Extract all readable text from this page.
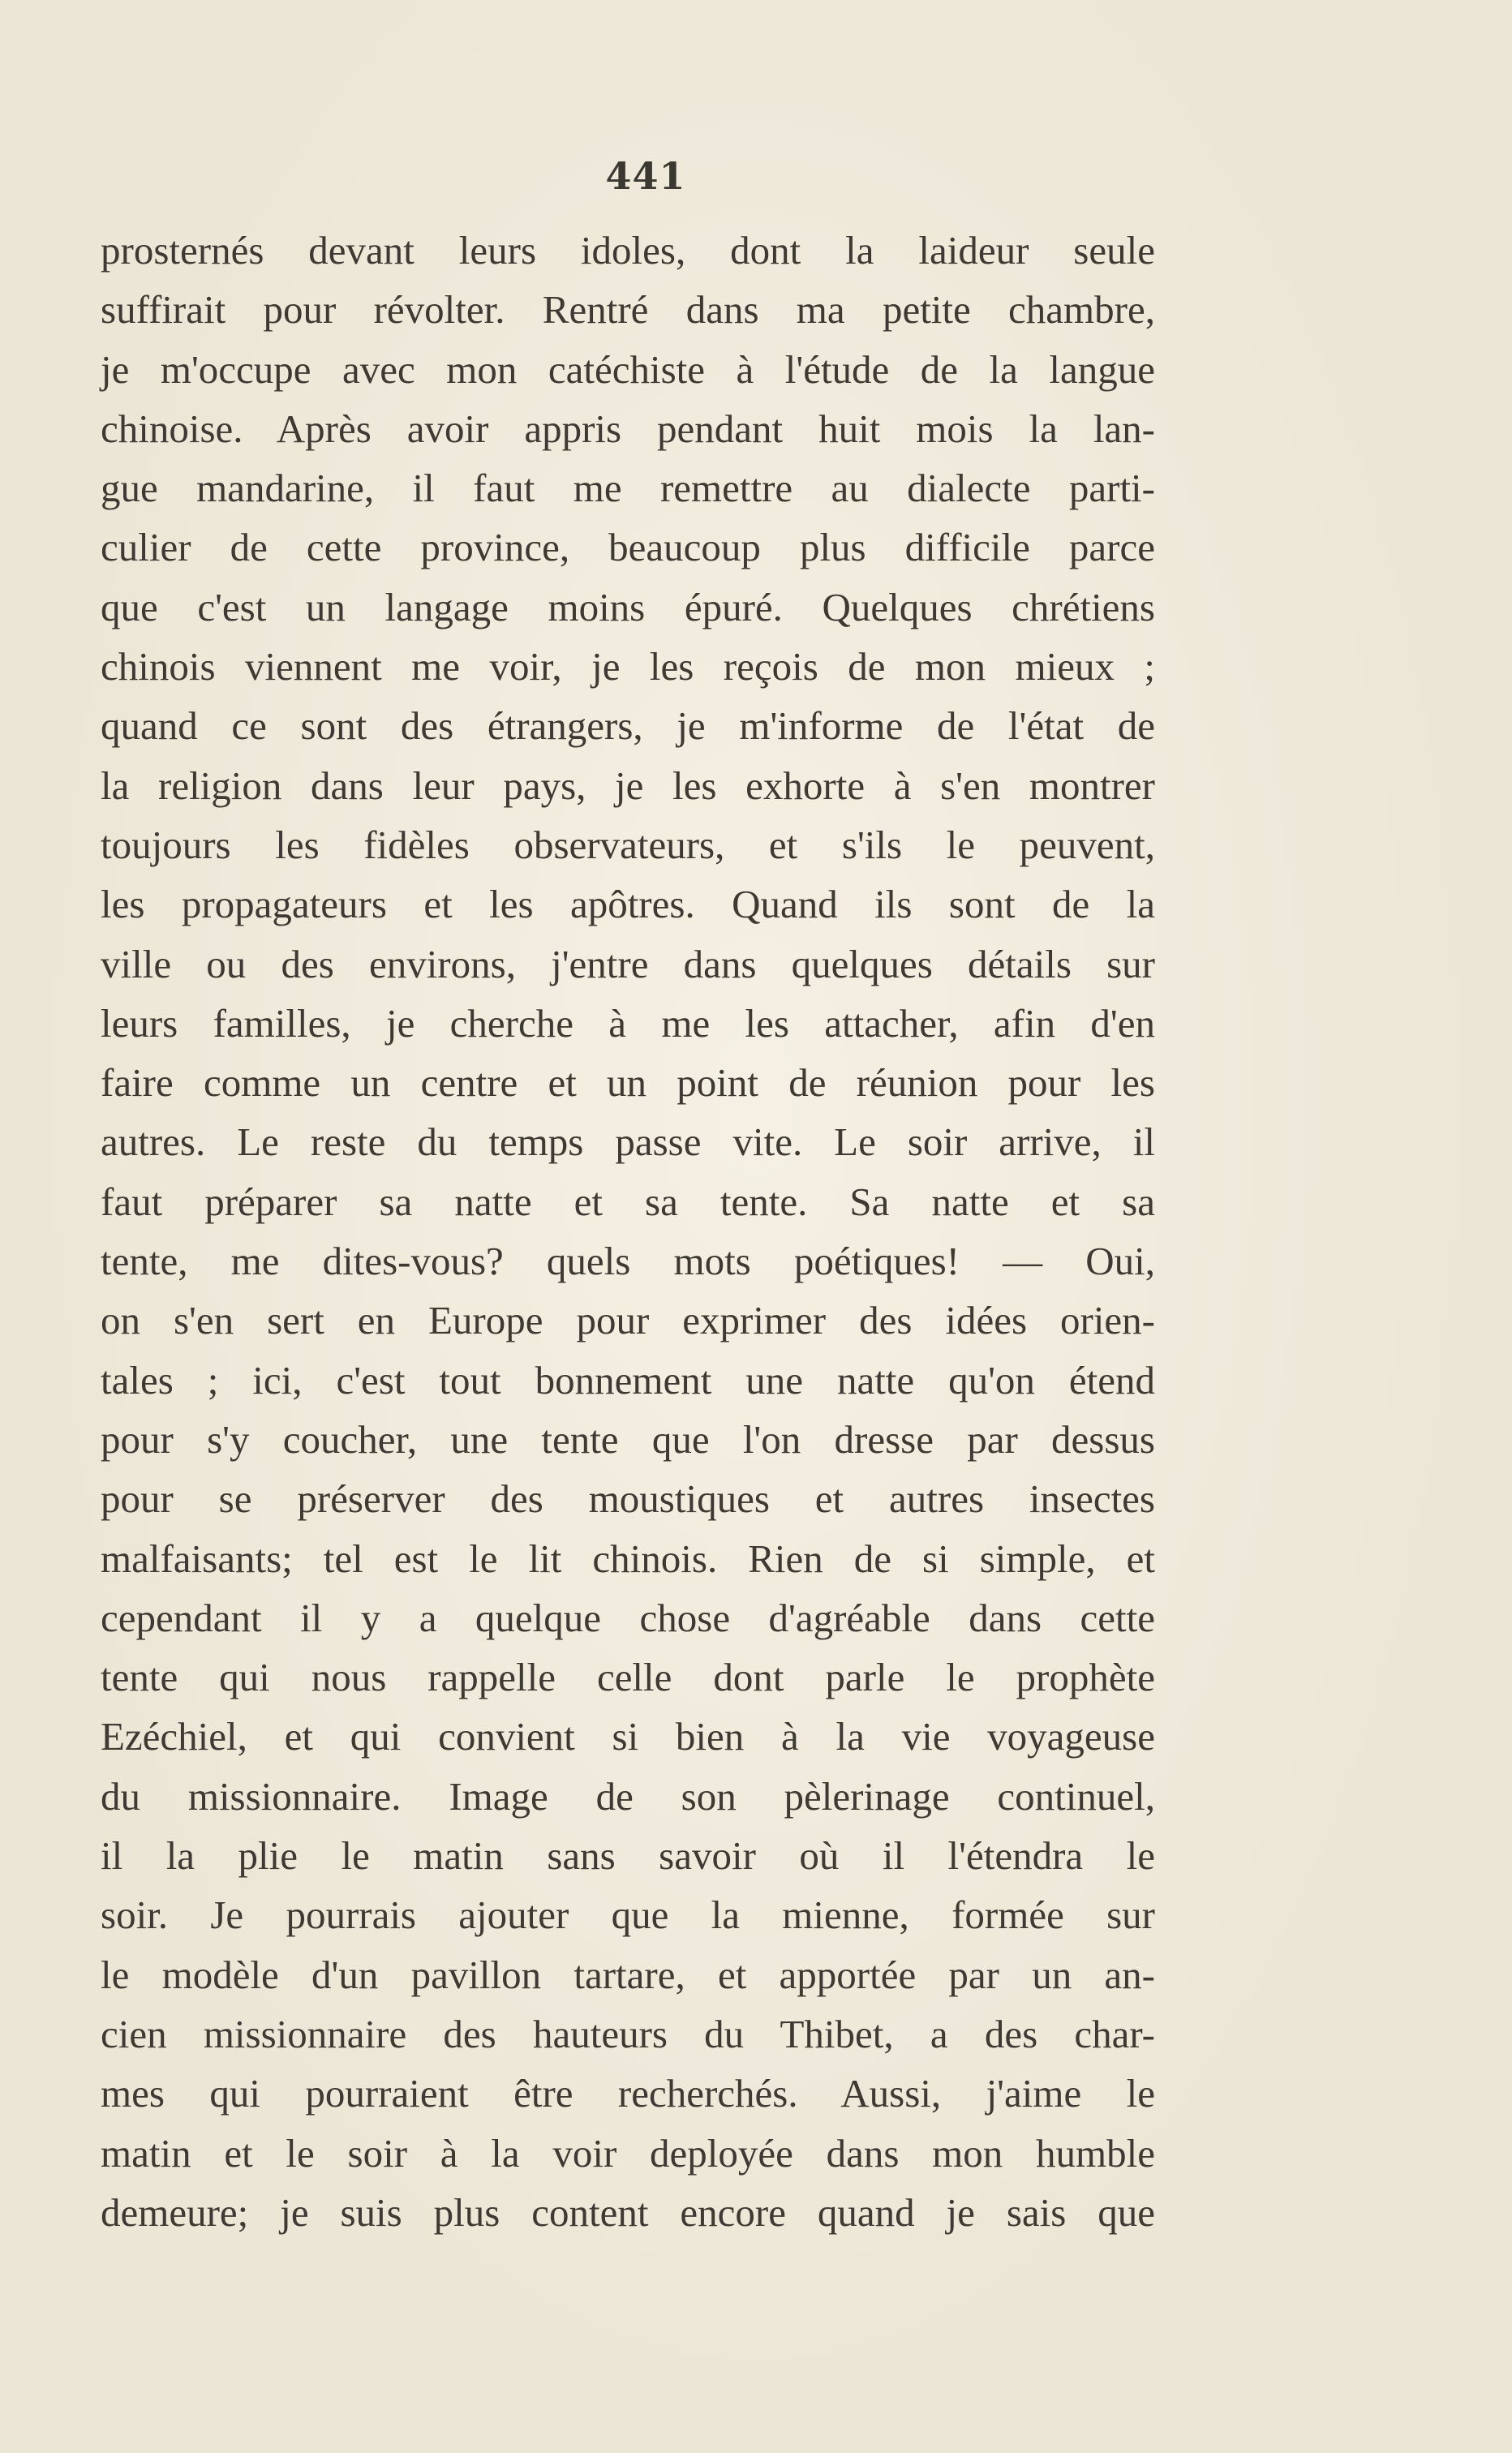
441
prosternés devant leurs idoles, dont la laideur seule
suffirait pour révolter. Rentré dans ma petite chambre,
je m'occupe avec mon catéchiste à l'étude de la langue
chinoise. Après avoir appris pendant huit mois la lan-
gue mandarine, il faut me remettre au dialecte parti-
culier de cette province, beaucoup plus difficile parce
que c'est un langage moins épuré. Quelques chrétiens
chinois viennent me voir, je les reçois de mon mieux ;
quand ce sont des étrangers, je m'informe de l'état de
la religion dans leur pays, je les exhorte à s'en montrer
toujours les fidèles observateurs, et s'ils le peuvent,
les propagateurs et les apôtres. Quand ils sont de la
ville ou des environs, j'entre dans quelques détails sur
leurs familles, je cherche à me les attacher, afin d'en
faire comme un centre et un point de réunion pour les
autres. Le reste du temps passe vite. Le soir arrive, il
faut préparer sa natte et sa tente. Sa natte et sa
tente, me dites-vous? quels mots poétiques! — Oui,
on s'en sert en Europe pour exprimer des idées orien-
tales ; ici, c'est tout bonnement une natte qu'on étend
pour s'y coucher, une tente que l'on dresse par dessus
pour se préserver des moustiques et autres insectes
malfaisants; tel est le lit chinois. Rien de si simple, et
cependant il y a quelque chose d'agréable dans cette
tente qui nous rappelle celle dont parle le prophète
Ezéchiel, et qui convient si bien à la vie voyageuse
du missionnaire. Image de son pèlerinage continuel,
il la plie le matin sans savoir où il l'étendra le
soir. Je pourrais ajouter que la mienne, formée sur
le modèle d'un pavillon tartare, et apportée par un an-
cien missionnaire des hauteurs du Thibet, a des char-
mes qui pourraient être recherchés. Aussi, j'aime le
matin et le soir à la voir deployée dans mon humble
demeure; je suis plus content encore quand je sais que
